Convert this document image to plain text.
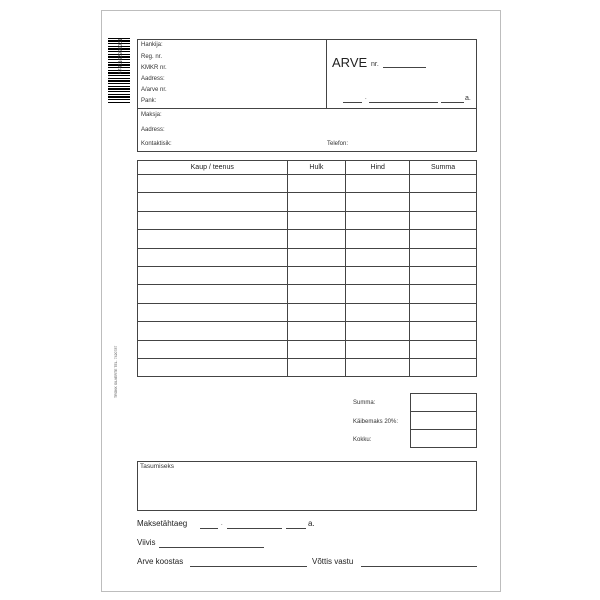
4741162990031
TRÜKK SILVERTE TEL. 7420787
Hankija:
Reg. nr.
KMKR nr.
Aadress:
A/arve nr.
Pank:
ARVE nr.
.	a.
Maksja:
Aadress:
Kontaktisik:	Telefon:
Kaup / teenus	Hulk	Hind	Summa

Summa:
Käibemaks 20%:
Kokku:
Tasumiseks
Maksetähtaeg	.	a.
Viivis
Arve koostas	Võttis vastu
